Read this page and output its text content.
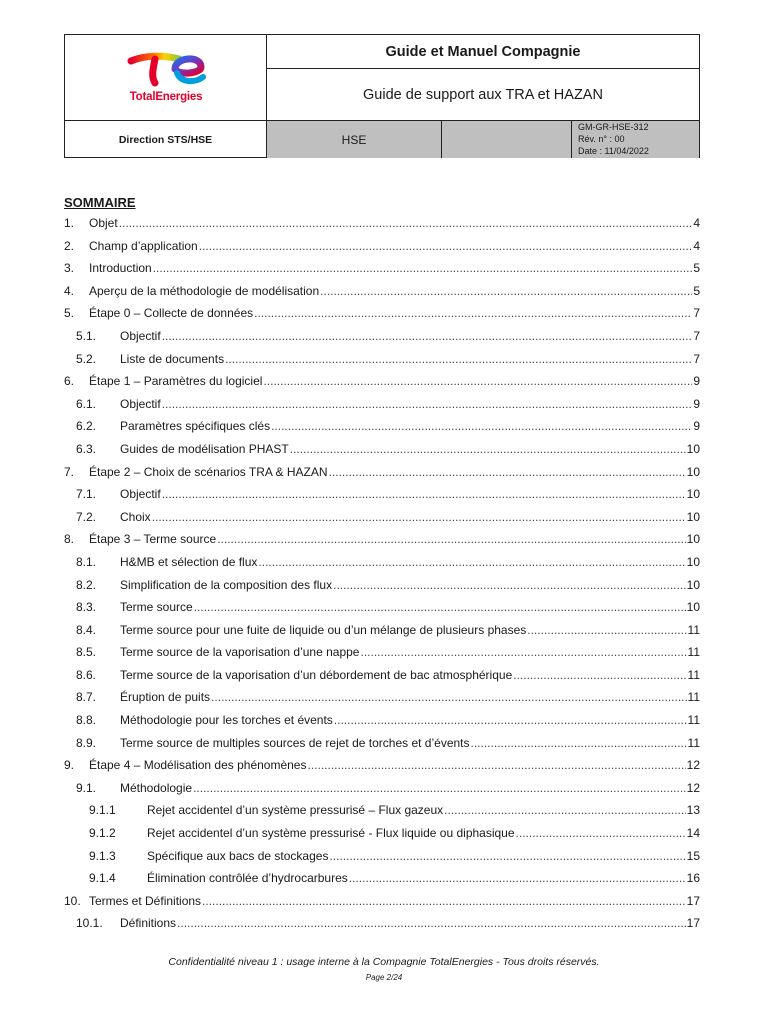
TotalEnergies
Guide et Manuel Compagnie
Guide de support aux TRA et HAZAN
Direction STS/HSE	HSE
GM-GR-HSE-312
Rév. n° : 00
Date : 11/04/2022
SOMMAIRE
1.	Objet .....	4
2.	Champ d’application .....	4
3.	Introduction .....	5
4.	Aperçu de la méthodologie de modélisation .....	5
5.	Étape 0 – Collecte de données .....	7
5.1.	Objectif .....	7
5.2.	Liste de documents .....	7
6.	Étape 1 – Paramètres du logiciel .....	9
6.1.	Objectif .....	9
6.2.	Paramètres spécifiques clés .....	9
6.3.	Guides de modélisation PHAST .....	10
7.	Étape 2 – Choix de scénarios TRA & HAZAN .....	10
7.1.	Objectif .....	10
7.2.	Choix .....	10
8.	Étape 3 – Terme source .....	10
8.1.	H&MB et sélection de flux .....	10
8.2.	Simplification de la composition des flux .....	10
8.3.	Terme source .....	10
8.4.	Terme source pour une fuite de liquide ou d’un mélange de plusieurs phases .....	11
8.5.	Terme source de la vaporisation d’une nappe .....	11
8.6.	Terme source de la vaporisation d’un débordement de bac atmosphérique .....	11
8.7.	Éruption de puits .....	11
8.8.	Méthodologie pour les torches et évents .....	11
8.9.	Terme source de multiples sources de rejet de torches et d’évents .....	11
9.	Étape 4 – Modélisation des phénomènes .....	12
9.1.	Méthodologie .....	12
9.1.1	Rejet accidentel d’un système pressurisé – Flux gazeux .....	13
9.1.2	Rejet accidentel d’un système pressurisé - Flux liquide ou diphasique .....	14
9.1.3	Spécifique aux bacs de stockages .....	15
9.1.4	Élimination contrôlée d’hydrocarbures .....	16
10. Termes et Définitions .....	17
10.1.	Définitions .....	17
Confidentialité niveau 1 : usage interne à la Compagnie TotalEnergies - Tous droits réservés.
Page 2/24
